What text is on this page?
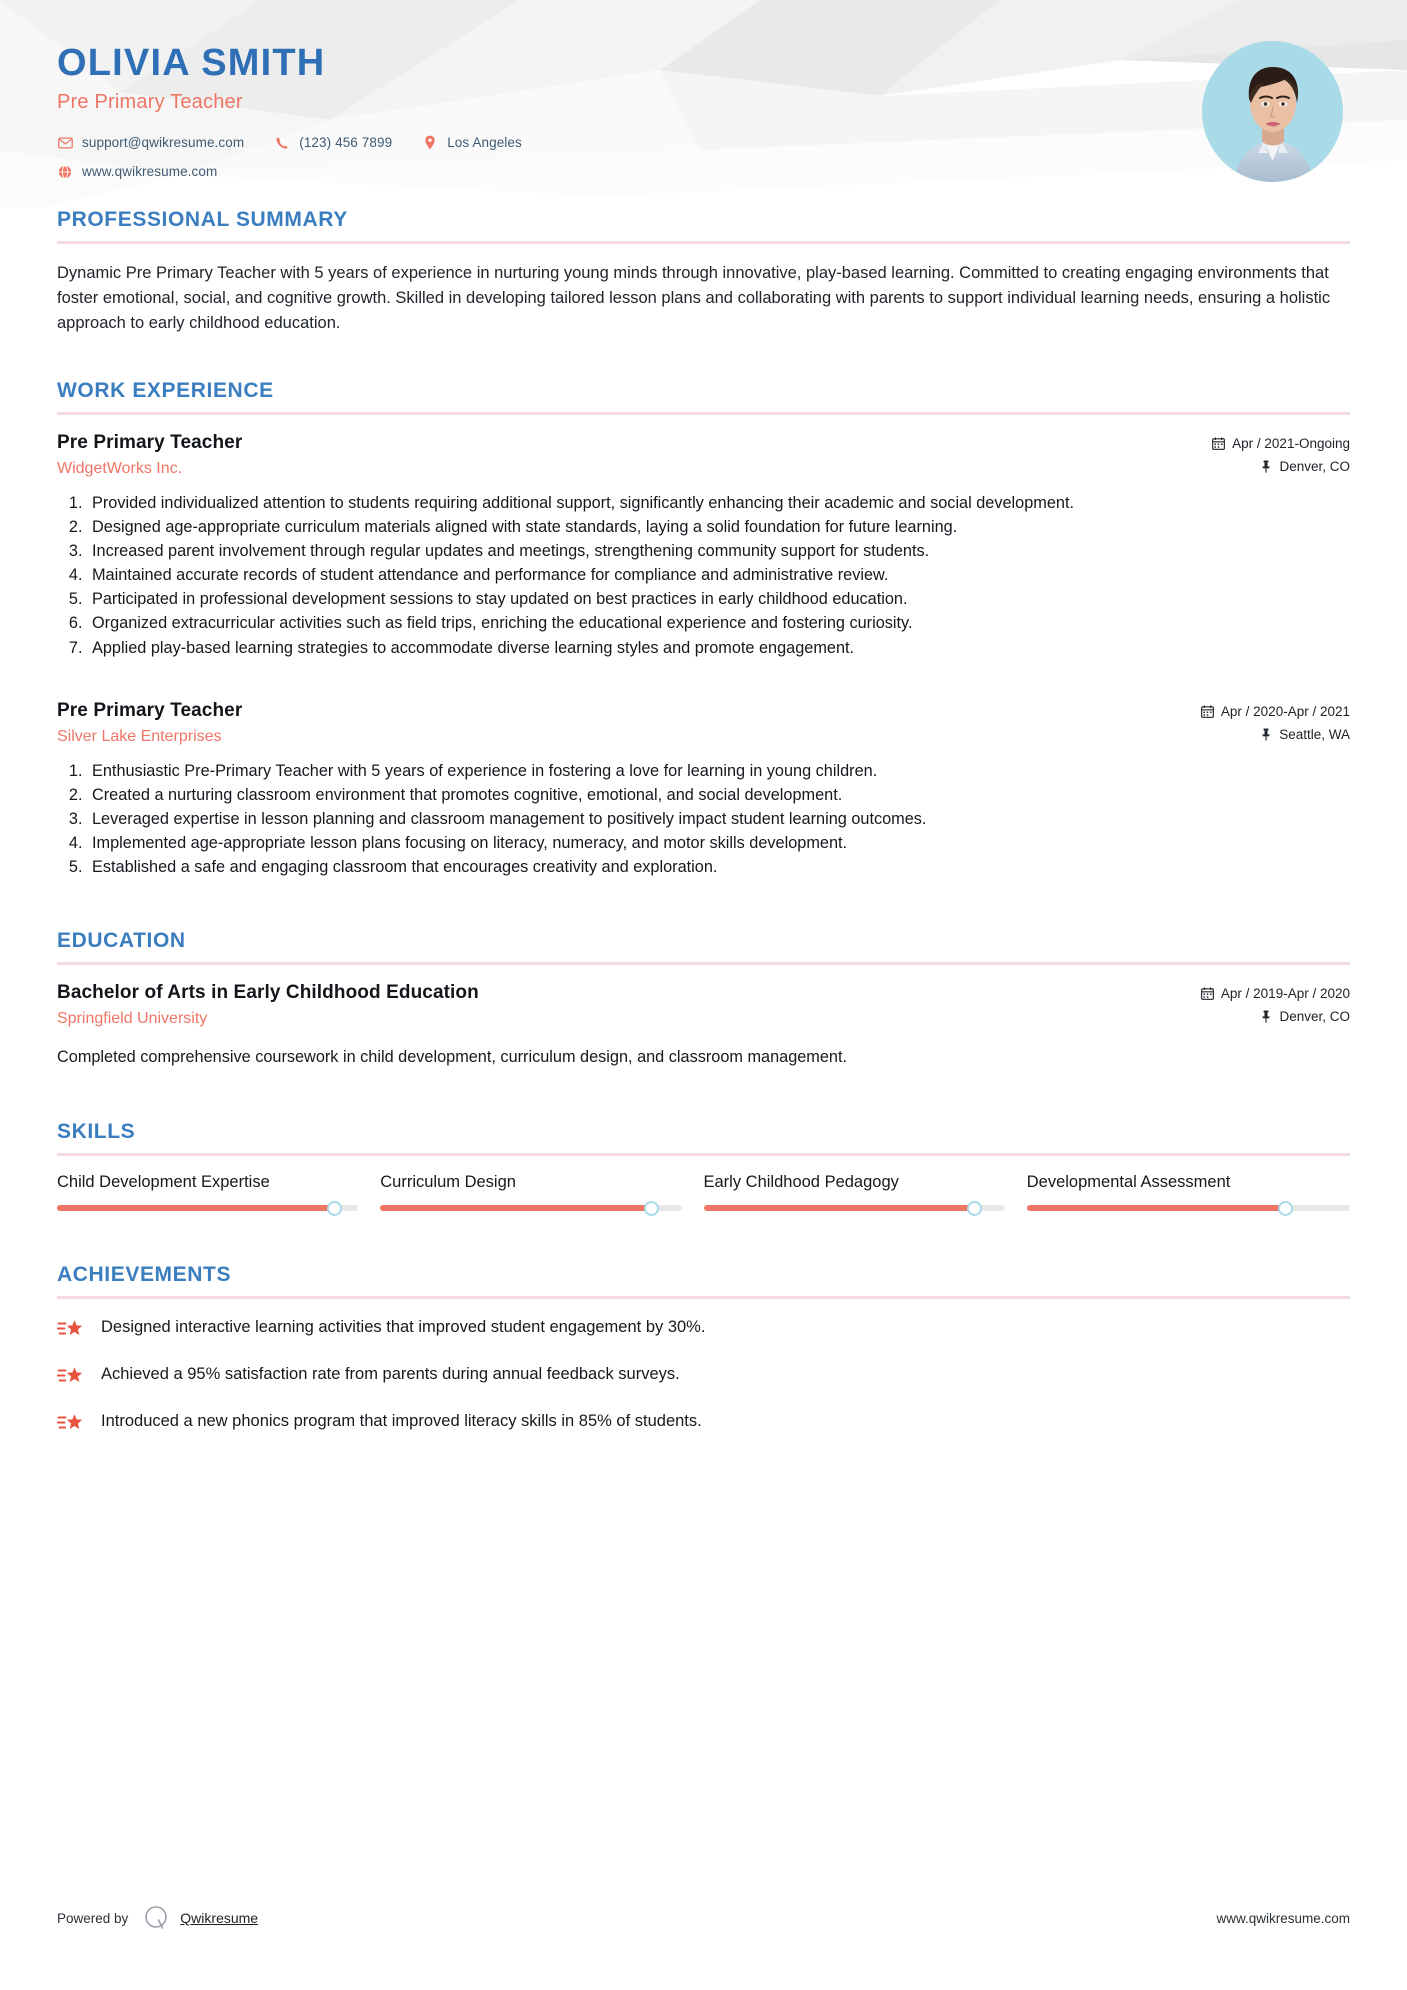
OLIVIA SMITH
Pre Primary Teacher
support@qwikresume.com	(123) 456 7899	Los Angeles
www.qwikresume.com
PROFESSIONAL SUMMARY
Dynamic Pre Primary Teacher with 5 years of experience in nurturing young minds through innovative, play-based learning. Committed to creating engaging environments that foster emotional, social, and cognitive growth. Skilled in developing tailored lesson plans and collaborating with parents to support individual learning needs, ensuring a holistic approach to early childhood education.
WORK EXPERIENCE
Pre Primary Teacher
WidgetWorks Inc.
Apr / 2021-Ongoing
Denver, CO
1. Provided individualized attention to students requiring additional support, significantly enhancing their academic and social development.
2. Designed age-appropriate curriculum materials aligned with state standards, laying a solid foundation for future learning.
3. Increased parent involvement through regular updates and meetings, strengthening community support for students.
4. Maintained accurate records of student attendance and performance for compliance and administrative review.
5. Participated in professional development sessions to stay updated on best practices in early childhood education.
6. Organized extracurricular activities such as field trips, enriching the educational experience and fostering curiosity.
7. Applied play-based learning strategies to accommodate diverse learning styles and promote engagement.
Pre Primary Teacher
Silver Lake Enterprises
Apr / 2020-Apr / 2021
Seattle, WA
1. Enthusiastic Pre-Primary Teacher with 5 years of experience in fostering a love for learning in young children.
2. Created a nurturing classroom environment that promotes cognitive, emotional, and social development.
3. Leveraged expertise in lesson planning and classroom management to positively impact student learning outcomes.
4. Implemented age-appropriate lesson plans focusing on literacy, numeracy, and motor skills development.
5. Established a safe and engaging classroom that encourages creativity and exploration.
EDUCATION
Bachelor of Arts in Early Childhood Education
Springfield University
Apr / 2019-Apr / 2020
Denver, CO
Completed comprehensive coursework in child development, curriculum design, and classroom management.
SKILLS
Child Development Expertise	Curriculum Design	Early Childhood Pedagogy	Developmental Assessment
ACHIEVEMENTS
Designed interactive learning activities that improved student engagement by 30%.
Achieved a 95% satisfaction rate from parents during annual feedback surveys.
Introduced a new phonics program that improved literacy skills in 85% of students.
Powered by	Qwikresume	www.qwikresume.com
